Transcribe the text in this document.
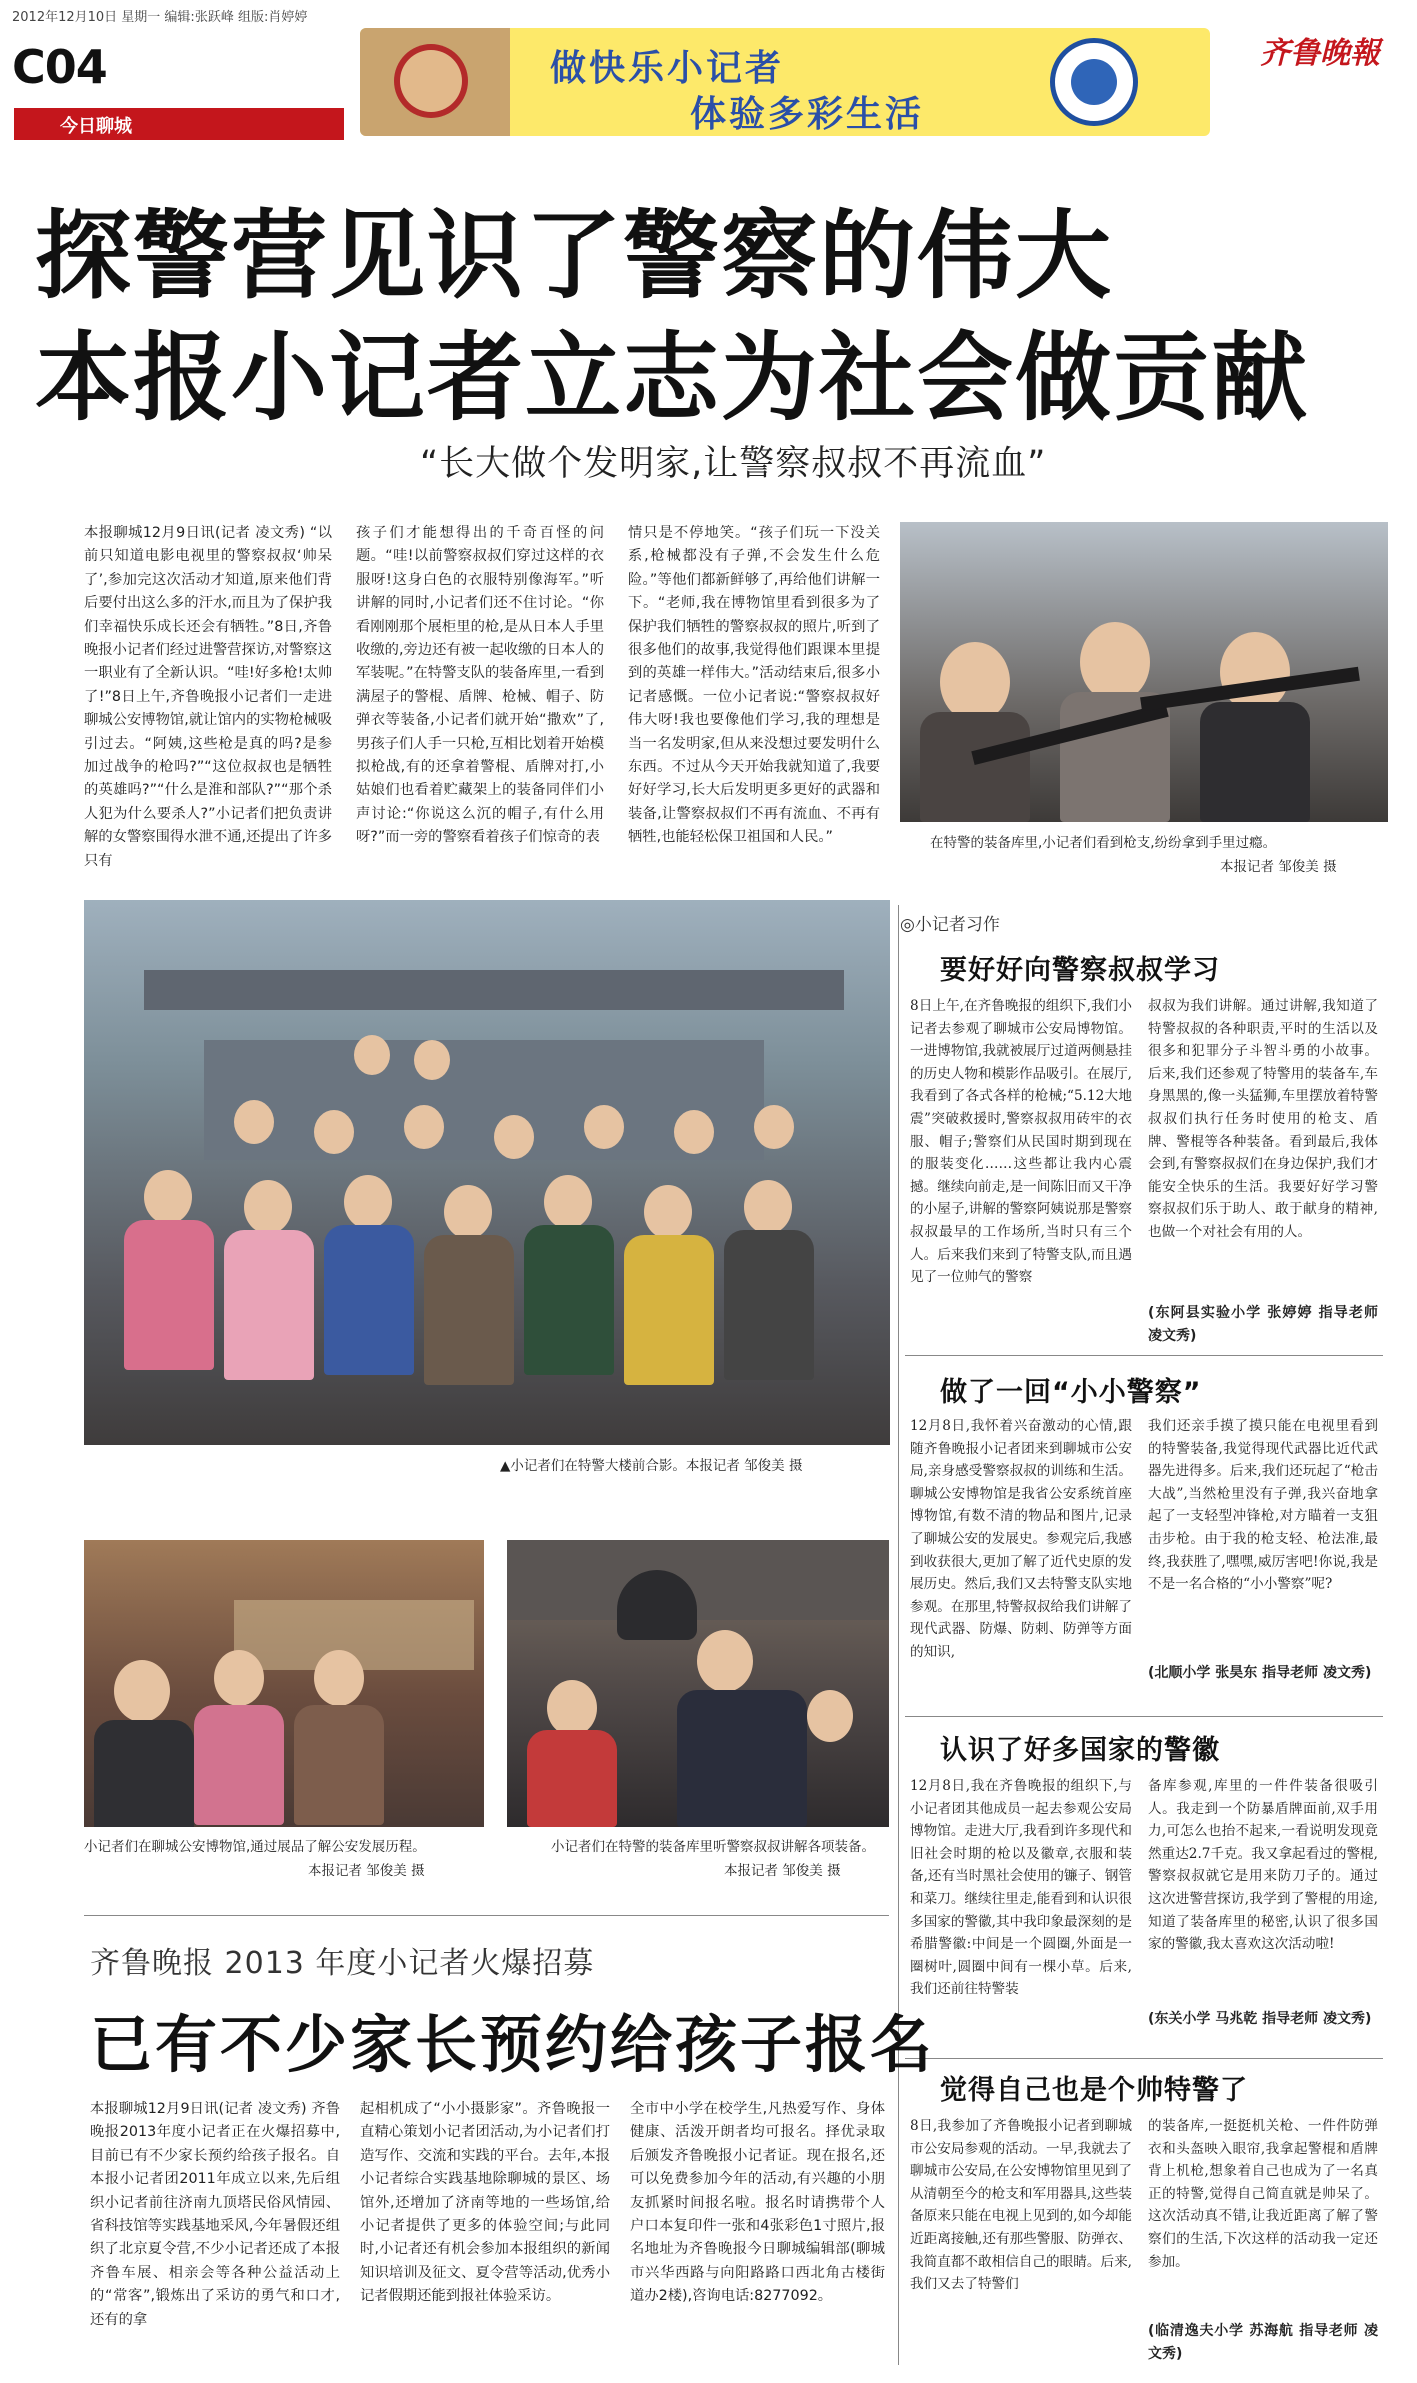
2012年12月10日 星期一 编辑:张跃峰 组版:肖婷婷
C04
今日聊城
做快乐小记者
体验多彩生活
齐鲁晚報
探警营见识了警察的伟大
本报小记者立志为社会做贡献
“长大做个发明家,让警察叔叔不再流血”
本报聊城12月9日讯(记者 凌文秀) “以前只知道电影电视里的警察叔叔‘帅呆了’,参加完这次活动才知道,原来他们背后要付出这么多的汗水,而且为了保护我们幸福快乐成长还会有牺牲。”8日,齐鲁晚报小记者们经过进警营探访,对警察这一职业有了全新认识。“哇!好多枪!太帅了!”8日上午,齐鲁晚报小记者们一走进聊城公安博物馆,就让馆内的实物枪械吸引过去。“阿姨,这些枪是真的吗?是参加过战争的枪吗?”“这位叔叔也是牺牲的英雄吗?”“什么是淮和部队?”“那个杀人犯为什么要杀人?”小记者们把负责讲解的女警察围得水泄不通,还提出了许多只有
孩子们才能想得出的千奇百怪的问题。“哇!以前警察叔叔们穿过这样的衣服呀!这身白色的衣服特别像海军。”听讲解的同时,小记者们还不住讨论。“你看刚刚那个展柜里的枪,是从日本人手里收缴的,旁边还有被一起收缴的日本人的军装呢。”在特警支队的装备库里,一看到满屋子的警棍、盾牌、枪械、帽子、防弹衣等装备,小记者们就开始“撒欢”了,男孩子们人手一只枪,互相比划着开始模拟枪战,有的还拿着警棍、盾牌对打,小姑娘们也看着贮藏架上的装备同伴们小声讨论:“你说这么沉的帽子,有什么用呀?”而一旁的警察看着孩子们惊奇的表
情只是不停地笑。“孩子们玩一下没关系,枪械都没有子弹,不会发生什么危险。”等他们都新鲜够了,再给他们讲解一下。“老师,我在博物馆里看到很多为了保护我们牺牲的警察叔叔的照片,听到了很多他们的故事,我觉得他们跟课本里提到的英雄一样伟大。”活动结束后,很多小记者感慨。一位小记者说:“警察叔叔好伟大呀!我也要像他们学习,我的理想是当一名发明家,但从来没想过要发明什么东西。不过从今天开始我就知道了,我要好好学习,长大后发明更多更好的武器和装备,让警察叔叔们不再有流血、不再有牺牲,也能轻松保卫祖国和人民。”	在特警的装备库里,小记者们看到枪支,纷纷拿到手里过瘾。
本报记者 邹俊美 摄
▲小记者们在特警大楼前合影。本报记者 邹俊美 摄
小记者们在聊城公安博物馆,通过展品了解公安发展历程。
本报记者 邹俊美 摄
小记者们在特警的装备库里听警察叔叔讲解各项装备。
本报记者 邹俊美 摄
◎小记者习作
要好好向警察叔叔学习
8日上午,在齐鲁晚报的组织下,我们小记者去参观了聊城市公安局博物馆。一进博物馆,我就被展厅过道两侧悬挂的历史人物和模影作品吸引。在展厅,我看到了各式各样的枪械;“5.12大地震”突破救援时,警察叔叔用砖牢的衣服、帽子;警察们从民国时期到现在的服装变化……这些都让我内心震撼。继续向前走,是一间陈旧而又干净的小屋子,讲解的警察阿姨说那是警察叔叔最早的工作场所,当时只有三个人。后来我们来到了特警支队,而且遇见了一位帅气的警察
叔叔为我们讲解。通过讲解,我知道了特警叔叔的各种职责,平时的生活以及很多和犯罪分子斗智斗勇的小故事。后来,我们还参观了特警用的装备车,车身黑黑的,像一头猛狮,车里摆放着特警叔叔们执行任务时使用的枪支、盾牌、警棍等各种装备。看到最后,我体会到,有警察叔叔们在身边保护,我们才能安全快乐的生活。我要好好学习警察叔叔们乐于助人、敢于献身的精神,也做一个对社会有用的人。
(东阿县实验小学 张婷婷 指导老师 凌文秀)
做了一回“小小警察”
12月8日,我怀着兴奋激动的心情,跟随齐鲁晚报小记者团来到聊城市公安局,亲身感受警察叔叔的训练和生活。聊城公安博物馆是我省公安系统首座博物馆,有数不清的物品和图片,记录了聊城公安的发展史。参观完后,我感到收获很大,更加了解了近代史原的发展历史。然后,我们又去特警支队实地参观。在那里,特警叔叔给我们讲解了现代武器、防爆、防刺、防弹等方面的知识,
我们还亲手摸了摸只能在电视里看到的特警装备,我觉得现代武器比近代武器先进得多。后来,我们还玩起了“枪击大战”,当然枪里没有子弹,我兴奋地拿起了一支轻型冲锋枪,对方瞄着一支狙击步枪。由于我的枪支轻、枪法准,最终,我获胜了,嘿嘿,威厉害吧!你说,我是不是一名合格的“小小警察”呢?
(北顺小学 张昊东 指导老师 凌文秀)
认识了好多国家的警徽
12月8日,我在齐鲁晚报的组织下,与小记者团其他成员一起去参观公安局博物馆。走进大厅,我看到许多现代和旧社会时期的枪以及徽章,衣服和装备,还有当时黑社会使用的镰子、钢管和菜刀。继续往里走,能看到和认识很多国家的警徽,其中我印象最深刻的是希腊警徽:中间是一个圆圈,外面是一圈树叶,圆圈中间有一棵小草。后来,我们还前往特警装
备库参观,库里的一件件装备很吸引人。我走到一个防暴盾牌面前,双手用力,可怎么也抬不起来,一看说明发现竟然重达2.7千克。我又拿起看过的警棍,警察叔叔就它是用来防刀子的。通过这次进警营探访,我学到了警棍的用途,知道了装备库里的秘密,认识了很多国家的警徽,我太喜欢这次活动啦!
(东关小学 马兆乾 指导老师 凌文秀)
觉得自己也是个帅特警了
8日,我参加了齐鲁晚报小记者到聊城市公安局参观的活动。一早,我就去了聊城市公安局,在公安博物馆里见到了从清朝至今的枪支和军用器具,这些装备原来只能在电视上见到的,如今却能近距离接触,还有那些警服、防弹衣、我简直都不敢相信自己的眼睛。后来,我们又去了特警们
的装备库,一挺挺机关枪、一件件防弹衣和头盔映入眼帘,我拿起警棍和盾牌背上机枪,想象着自己也成为了一名真正的特警,觉得自己简直就是帅呆了。这次活动真不错,让我近距离了解了警察们的生活,下次这样的活动我一定还参加。
(临清逸夫小学 苏海航 指导老师 凌文秀)
齐鲁晚报 2013 年度小记者火爆招募
已有不少家长预约给孩子报名
本报聊城12月9日讯(记者 凌文秀) 齐鲁晚报2013年度小记者正在火爆招募中,目前已有不少家长预约给孩子报名。自本报小记者团2011年成立以来,先后组织小记者前往济南九顶塔民俗风情园、省科技馆等实践基地采风,今年暑假还组织了北京夏令营,不少小记者还成了本报齐鲁车展、相亲会等各种公益活动上的“常客”,锻炼出了采访的勇气和口才,还有的拿
起相机成了“小小摄影家”。齐鲁晚报一直精心策划小记者团活动,为小记者们打造写作、交流和实践的平台。去年,本报小记者综合实践基地除聊城的景区、场馆外,还增加了济南等地的一些场馆,给小记者提供了更多的体验空间;与此同时,小记者还有机会参加本报组织的新闻知识培训及征文、夏令营等活动,优秀小记者假期还能到报社体验采访。
全市中小学在校学生,凡热爱写作、身体健康、活泼开朗者均可报名。择优录取后颁发齐鲁晚报小记者证。现在报名,还可以免费参加今年的活动,有兴趣的小朋友抓紧时间报名啦。报名时请携带个人户口本复印件一张和4张彩色1寸照片,报名地址为齐鲁晚报今日聊城编辑部(聊城市兴华西路与向阳路路口西北角古楼街道办2楼),咨询电话:8277092。
